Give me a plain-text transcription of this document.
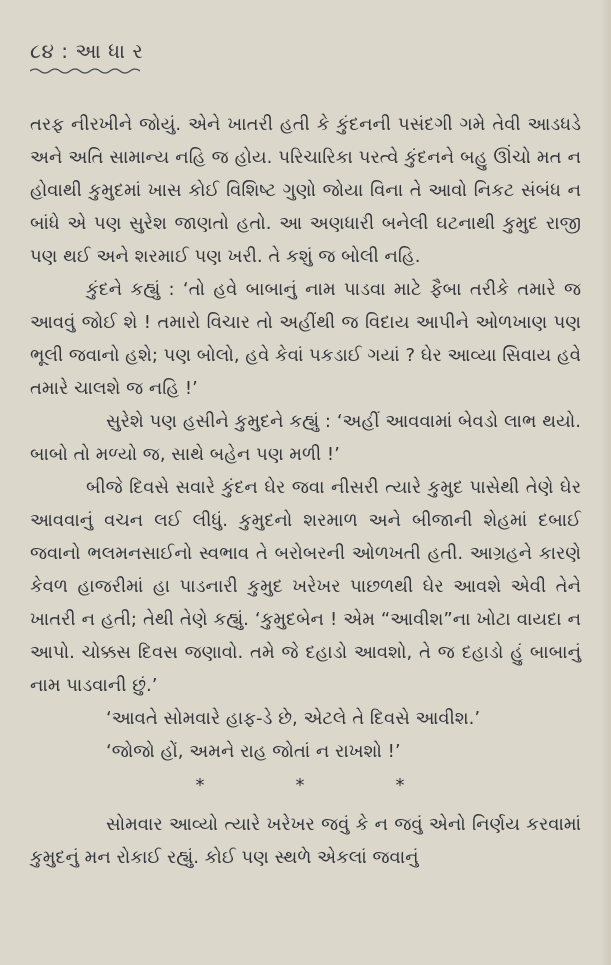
૮૪ : આ ધા ર

તરફ નીરખીને જોયું. એને ખાતરી હતી કે કુંદનની પસંદગી ગમે તેવી આડધડે અને અતિ સામાન્ય નહિ જ હોય. પરિચારિકા પરત્વે કુંદનને બહુ ઊંચો મત ન હોવાથી કુમુદમાં ખાસ કોઈ વિશિષ્ટ ગુણો જોયા વિના તે આવો નિકટ સંબંધ ન બાંધે એ પણ સુરેશ જાણતો હતો. આ અણધારી બનેલી ઘટનાથી કુમુદ રાજી પણ થઈ અને શરમાઈ પણ ખરી. તે કશું જ બોલી નહિ.

કુંદને કહ્યું : ‘તો હવે બાબાનું નામ પાડવા માટે ફૈબા તરીકે તમારે જ આવવું જોઈ શે ! તમારો વિચાર તો અહીંથી જ વિદાય આપીને ઓળખાણ પણ ભૂલી જવાનો હશે; પણ બોલો, હવે કેવાં પકડાઈ ગયાં ? ઘેર આવ્યા સિવાય હવે તમારે ચાલશે જ નહિ !’

સુરેશે પણ હસીને કુમુદને કહ્યું : ‘અહીં આવવામાં બેવડો લાભ થયો. બાબો તો મળ્યો જ, સાથે બહેન પણ મળી !’

બીજે દિવસે સવારે કુંદન ઘેર જવા નીસરી ત્યારે કુમુદ પાસેથી તેણે ઘેર આવવાનું વચન લઈ લીધું. કુમુદનો શરમાળ અને બીજાની શેહમાં દબાઈ જવાનો ભલમનસાઈનો સ્વભાવ તે બરોબરની ઓળખતી હતી. આગ્રહને કારણે કેવળ હાજરીમાં હા પાડનારી કુમુદ ખરેખર પાછળથી ઘેર આવશે એવી તેને ખાતરી ન હતી; તેથી તેણે કહ્યું. ‘કુમુદબેન ! એમ “આવીશ”ના ખોટા વાયદા ન આપો. ચોક્કસ દિવસ જણાવો. તમે જે દહાડો આવશો, તે જ દહાડો હું બાબાનું નામ પાડવાની છું.’

‘આવતે સોમવારે હાફ-ડે છે, એટલે તે દિવસે આવીશ.’

‘જોજો હોં, અમને રાહ જોતાં ન રાખશો !’

*	*	*

સોમવાર આવ્યો ત્યારે ખરેખર જવું કે ન જવું એનો નિર્ણય કરવામાં કુમુદનું મન રોકાઈ રહ્યું. કોઈ પણ સ્થળે એકલાં જવાનું
